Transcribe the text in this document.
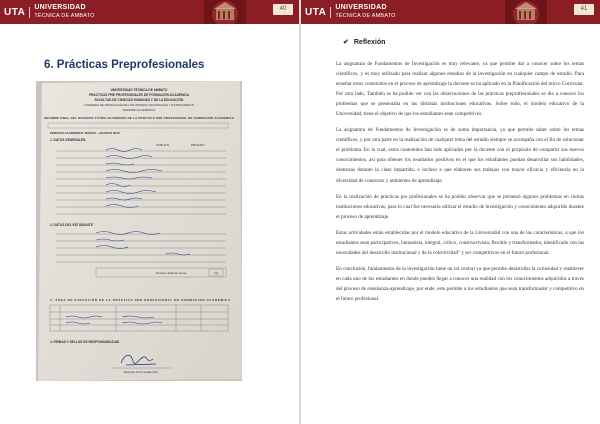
UTA	UNIVERSIDAD
TÉCNICA DE AMBATO
40
6. Prácticas Preprofesionales
UNIVERSIDAD TÉCNICA DE AMBATO
PRÁCTICAS PRE PROFESIONALES DE FORMACIÓN ACADÉMICA
FACULTAD DE CIENCIAS HUMANAS Y DE LA EDUCACIÓN
CARRERA DE PEDAGOGÍA DE LOS IDIOMAS NACIONALES Y EXTRANJEROS
PERIODO ACADÉMICO
INFORME FINAL DEL DOCENTE TUTOR ACADÉMICO DE LA PRÁCTICA PRE PROFESIONAL DE FORMACIÓN ACADÉMICA
PERIODO ACADÉMICO: MARZO – AGOSTO 2019
1. DATOS GENERALES:
PÚBLICO	PRIVADO
2. DATOS DEL ESTUDIANTE
Número Total de horas	72
3. ÁREA DE EJECUCIÓN DE LA PRÁCTICA PRE PROFESIONAL DE FORMACIÓN ACADÉMICA
4. FIRMAS Y SELLOS DE RESPONSABILIDAD
Docente Tutor Académico
UTA	UNIVERSIDAD
TÉCNICA DE AMBATO
41
✔ Reflexión

La asignatura de Fundamentos de Investigación es muy relevante, ya que permite dar a conocer sobre los temas científicos, y es muy utilizado para realizar algunos estudios de la investigación en cualquier campo de estudio. Para enseñar estos contenidos en el proceso de aprendizaje la docente se ha aplicado en la Planificación del micro Curricular. Por otro lado, También se ha podido ver con las observaciones de las prácticas preprofesionales se dio a conocer los problemas que se presentaba en las distintas instituciones educativas. Sobre todo, el modelo educativo de la Universidad, tiene el objetivo de que los estudiantes sean competitivos.

La asignatura de Fundamentos de Investigación es de suma importancia, ya que permite saber sobre los temas científicos, y por otra parte en la realización de cualquier tema del estudio siempre se acompaña con el fin de solucionar el problema. En la cual, estos contenidos han sido aplicados por la docente con el propósito de compartir sus nuevos conocimientos, así para obtener los resultados positivos en el que los estudiantes puedan desarrollar sus habilidades, destrezas durante la clase impartida, e incluso a que elaboren sus trabajos con mayor eficacia y eficiencia en la diversidad de contextos y ambientes de aprendizaje.

En la realización de prácticas pre profesionales se ha podido observar que se presentó algunos problemas en ciertas instituciones educativas, para lo cual fue necesario utilizar el estudio de investigación y conocimiento adquirido durante el proceso de aprendizaje.

Estas actividades están establecidas por el modelo educativo de la Universidad con una de las características, a que los estudiantes sean participativos, humanista, integral, crítico, constructivista, flexible y transformador, identificado con las necesidades del desarrollo institucional y de la colectividad" y ser competitivos en el futuro profesional.

En conclusión, fundamentos de la investigación tiene un rol central ya que permite desarrollar la curiosidad y establecer en cada uno de los estudiantes en donde pueden llegar a conocer una realidad con los conocimientos adquiridos a través del proceso de enseñanza-aprendizaje, por ende, esto permite a los estudiantes que sean transformador y competitivo en el futuro profesional.
